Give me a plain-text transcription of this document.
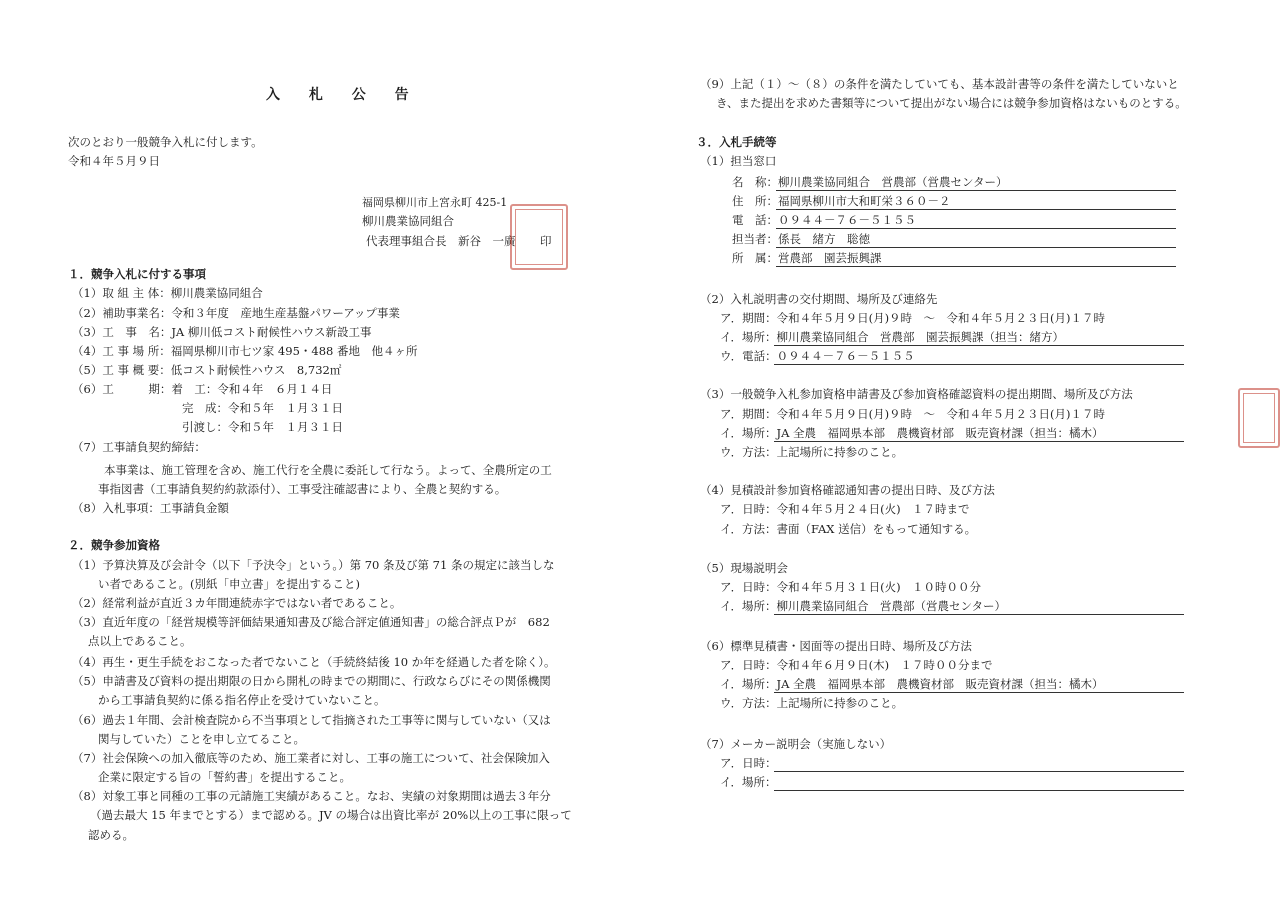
入 札 公 告
次のとおり一般競争入札に付します。
令和４年５月９日
福岡県柳川市上宮永町 425-1
柳川農業協同組合
代表理事組合長　新谷　一廣 印
１．競争入札に付する事項
（1）取 組 主 体：柳川農業協同組合
（2）補助事業名：令和３年度　産地生産基盤パワーアップ事業
（3）工　事　名：JA 柳川低コスト耐候性ハウス新設工事
（4）工 事 場 所：福岡県柳川市七ツ家 495・488 番地　他４ヶ所
（5）工 事 概 要：低コスト耐候性ハウス　8,732㎡
（6）工　　　期：着　工：令和４年　６月１４日
完　成：令和５年　１月３１日
引渡し：令和５年　１月３１日
（7）工事請負契約締結：
本事業は、施工管理を含め、施工代行を全農に委託して行なう。よって、全農所定の工
事指図書（工事請負契約約款添付）、工事受注確認書により、全農と契約する。
（8）入札事項：工事請負金額
２．競争参加資格
（1）予算決算及び会計令（以下「予決令」という。）第 70 条及び第 71 条の規定に該当しな
い者であること。(別紙「申立書」を提出すること)
（2）経常利益が直近３カ年間連続赤字ではない者であること。
（3）直近年度の「経営規模等評価結果通知書及び総合評定値通知書」の総合評点Ｐが　682
点以上であること。
（4）再生・更生手続をおこなった者でないこと（手続終結後 10 か年を経過した者を除く）。
（5）申請書及び資料の提出期限の日から開札の時までの期間に、行政ならびにその関係機関
から工事請負契約に係る指名停止を受けていないこと。
（6）過去１年間、会計検査院から不当事項として指摘された工事等に関与していない（又は
関与していた）ことを申し立てること。
（7）社会保険への加入徹底等のため、施工業者に対し、工事の施工について、社会保険加入
企業に限定する旨の「誓約書」を提出すること。
（8）対象工事と同種の工事の元請施工実績があること。なお、実績の対象期間は過去３年分
（過去最大 15 年までとする）まで認める。JV の場合は出資比率が 20%以上の工事に限って
認める。
（9）上記（１）～（８）の条件を満たしていても、基本設計書等の条件を満たしていないと
き、また提出を求めた書類等について提出がない場合には競争参加資格はないものとする。
３．入札手続等
（1）担当窓口
名　称：柳川農業協同組合　営農部（営農センター）
住　所：福岡県柳川市大和町栄３６０－２
電　話：０９４４－７６－５１５５
担当者：係長　緒方　聡徳
所　属：営農部　園芸振興課
（2）入札説明書の交付期間、場所及び連絡先
ア．期間：令和４年５月９日(月)９時　～　令和４年５月２３日(月)１７時
イ．場所：柳川農業協同組合　営農部　園芸振興課（担当：緒方）
ウ．電話：０９４４－７６－５１５５
（3）一般競争入札参加資格申請書及び参加資格確認資料の提出期間、場所及び方法
ア．期間：令和４年５月９日(月)９時　～　令和４年５月２３日(月)１７時
イ．場所：JA 全農　福岡県本部　農機資材部　販売資材課（担当：橘木）
ウ．方法：上記場所に持参のこと。
（4）見積設計参加資格確認通知書の提出日時、及び方法
ア．日時：令和４年５月２４日(火)　１７時まで
イ．方法：書面（FAX 送信）をもって通知する。
（5）現場説明会
ア．日時：令和４年５月３１日(火)　１０時００分
イ．場所：柳川農業協同組合　営農部（営農センター）
（6）標準見積書・図面等の提出日時、場所及び方法
ア．日時：令和４年６月９日(木)　１７時００分まで
イ．場所：JA 全農　福岡県本部　農機資材部　販売資材課（担当：橘木）
ウ．方法：上記場所に持参のこと。
（7）メーカー説明会（実施しない）
ア．日時：
イ．場所：
